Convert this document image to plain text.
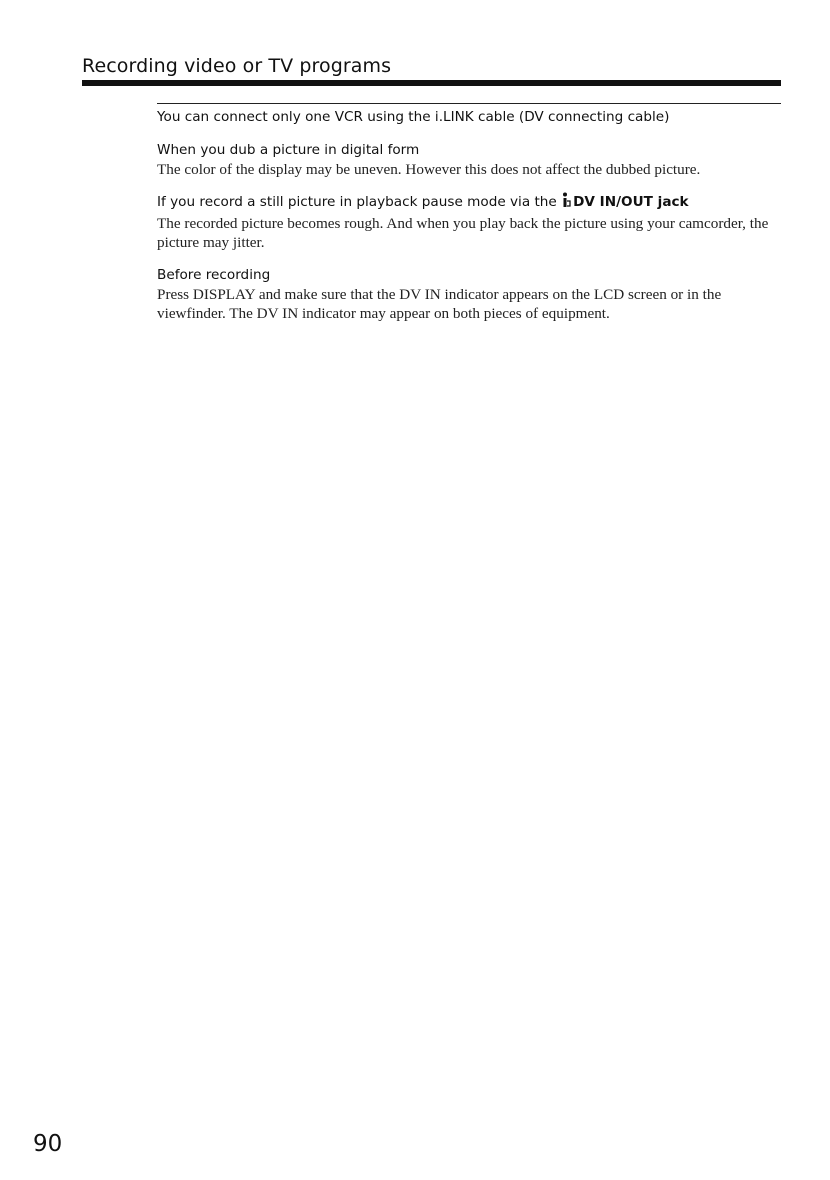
Recording video or TV programs

You can connect only one VCR using the i.LINK cable (DV connecting cable)

When you dub a picture in digital form

The color of the display may be uneven. However this does not affect the dubbed picture.

If you record a still picture in playback pause mode via the DV IN/OUT jack

The recorded picture becomes rough. And when you play back the picture using your camcorder, the picture may jitter.

Before recording

Press DISPLAY and make sure that the DV IN indicator appears on the LCD screen or in the viewfinder. The DV IN indicator may appear on both pieces of equipment.

90
